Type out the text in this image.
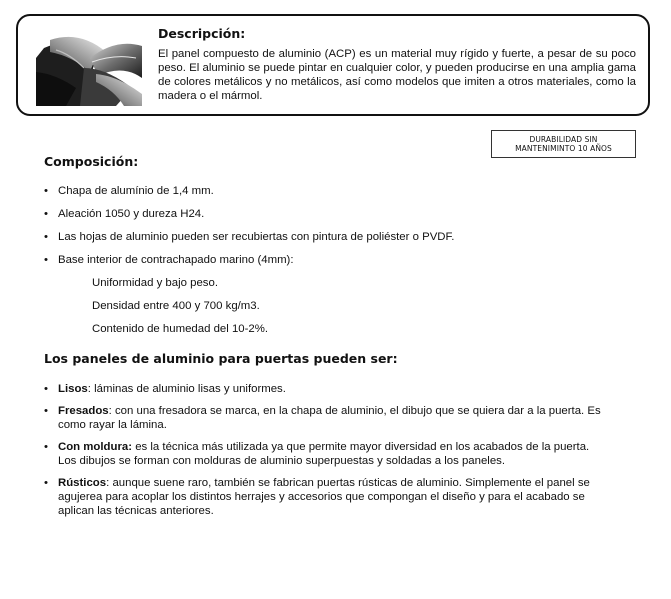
Descripción:

El panel compuesto de aluminio (ACP) es un material muy rígido y fuerte, a pesar de su poco peso. El aluminio se puede pintar en cualquier color, y pueden producirse en una amplia gama de colores metálicos y no metálicos, así como modelos que imiten a otros materiales, como la madera o el mármol.

DURABILIDAD SIN
MANTENIMINTO 10 AÑOS
Composición:
• Chapa de alumínio de 1,4 mm.
• Aleación 1050 y dureza H24.
• Las hojas de aluminio pueden ser recubiertas con pintura de poliéster o PVDF.
• Base interior de contrachapado marino (4mm):
Uniformidad y bajo peso.
Densidad entre 400 y 700 kg/m3.
Contenido de humedad del 10-2%.
Los paneles de aluminio para puertas pueden ser:
• Lisos: láminas de aluminio lisas y uniformes.
• Fresados: con una fresadora se marca, en la chapa de aluminio, el dibujo que se quiera dar a la puerta. Es como rayar la lámina.
• Con moldura: es la técnica más utilizada ya que permite mayor diversidad en los acabados de la puerta. Los dibujos se forman con molduras de aluminio superpuestas y soldadas a los paneles.
• Rústicos: aunque suene raro, también se fabrican puertas rústicas de aluminio. Simplemente el panel se agujerea para acoplar los distintos herrajes y accesorios que compongan el diseño y para el acabado se aplican las técnicas anteriores.
